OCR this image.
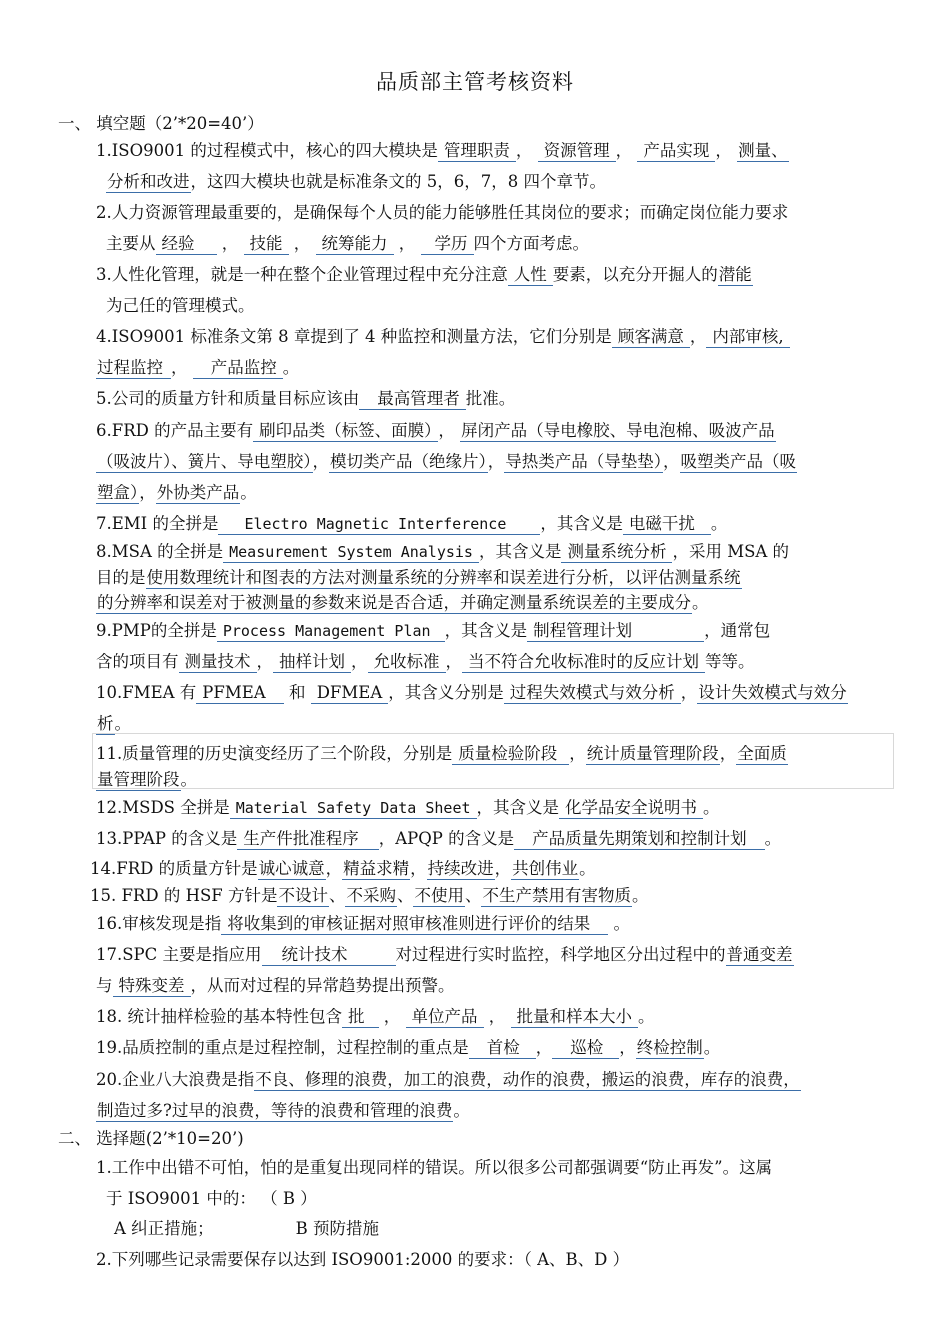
品质部主管考核资料
一、 填空题（2’*20=40’）
1.ISO9001 的过程模式中，核心的四大模块是 管理职责 ， 资源管理 ， 产品实现 ， 测量、
分析和改进，这四大模块也就是标准条文的 5，6，7，8 四个章节。
2.人力资源管理最重要的，是确保每个人员的能力能够胜任其岗位的要求；而确定岗位能力要求
主要从 经验 ， 技能 ， 统筹能力 ， 学历 四个方面考虑。
3.人性化管理，就是一种在整个企业管理过程中充分注意 人性 要素，以充分开掘人的潜能
为己任的管理模式。
4.ISO9001 标准条文第 8 章提到了 4 种监控和测量方法，它们分别是 顾客满意 ， 内部审核,
过程监控 ， 产品监控 。
5.公司的质量方针和质量目标应该由 最高管理者 批准。
6.FRD 的产品主要有 刷印品类（标签、面膜） ， 屏闭产品（导电橡胶、导电泡棉、吸波产品
（吸波片）、簧片、导电塑胶），模切类产品（绝缘片），导热类产品（导垫垫），吸塑类产品（吸
塑盒），外协类产品。
7.EMI 的全拼是 Electro Magnetic Interference ，其含义是 电磁干扰 。
8.MSA 的全拼是 Measurement System Analysis ，其含义是 测量系统分析 ，采用 MSA 的
目的是使用数理统计和图表的方法对测量系统的分辨率和误差进行分析，以评估测量系统
的分辨率和误差对于被测量的参数来说是否合适，并确定测量系统误差的主要成分。
9.PMP的全拼是 Process Management Plan ，其含义是 制程管理计划	，通常包
含的项目有 测量技术 ， 抽样计划 ， 允收标准 ， 当不符合允收标准时的反应计划 等等。
10.FMEA 有 PFMEA 和 DFMEA ，其含义分别是 过程失效模式与效分析 ，设计失效模式与效分
析。
11.质量管理的历史演变经历了三个阶段，分别是 质量检验阶段 ，统计质量管理阶段，全面质
量管理阶段。
12.MSDS 全拼是 Material Safety Data Sheet ，其含义是 化学品安全说明书 。
13.PPAP 的含义是 生产件批准程序 ，APQP 的含义是 产品质量先期策划和控制计划 。
14.FRD 的质量方针是诚心诚意，精益求精，持续改进，共创伟业。
15. FRD 的 HSF 方针是不设计、不采购、不使用、不生产禁用有害物质。
16.审核发现是指 将收集到的审核证据对照审核准则进行评价的结果 。
17.SPC 主要是指应用 统计技术	对过程进行实时监控，科学地区分出过程中的普通变差
与 特殊变差 ，从而对过程的异常趋势提出预警。
18. 统计抽样检验的基本特性包含 批 ， 单位产品 ， 批量和样本大小 。
19.品质控制的重点是过程控制，过程控制的重点是 首检 ， 巡检 ，终检控制。
20.企业八大浪费是指不良、修理的浪费，加工的浪费，动作的浪费，搬运的浪费，库存的浪费，
制造过多?过早的浪费，等待的浪费和管理的浪费。
二、 选择题(2’*10=20’)
1.工作中出错不可怕，怕的是重复出现同样的错误。所以很多公司都强调要“防止再发”。这属
于 ISO9001 中的： （ B ）
A 纠正措施；	B 预防措施
2.下列哪些记录需要保存以达到 ISO9001:2000 的要求：（ A、B、D ）
